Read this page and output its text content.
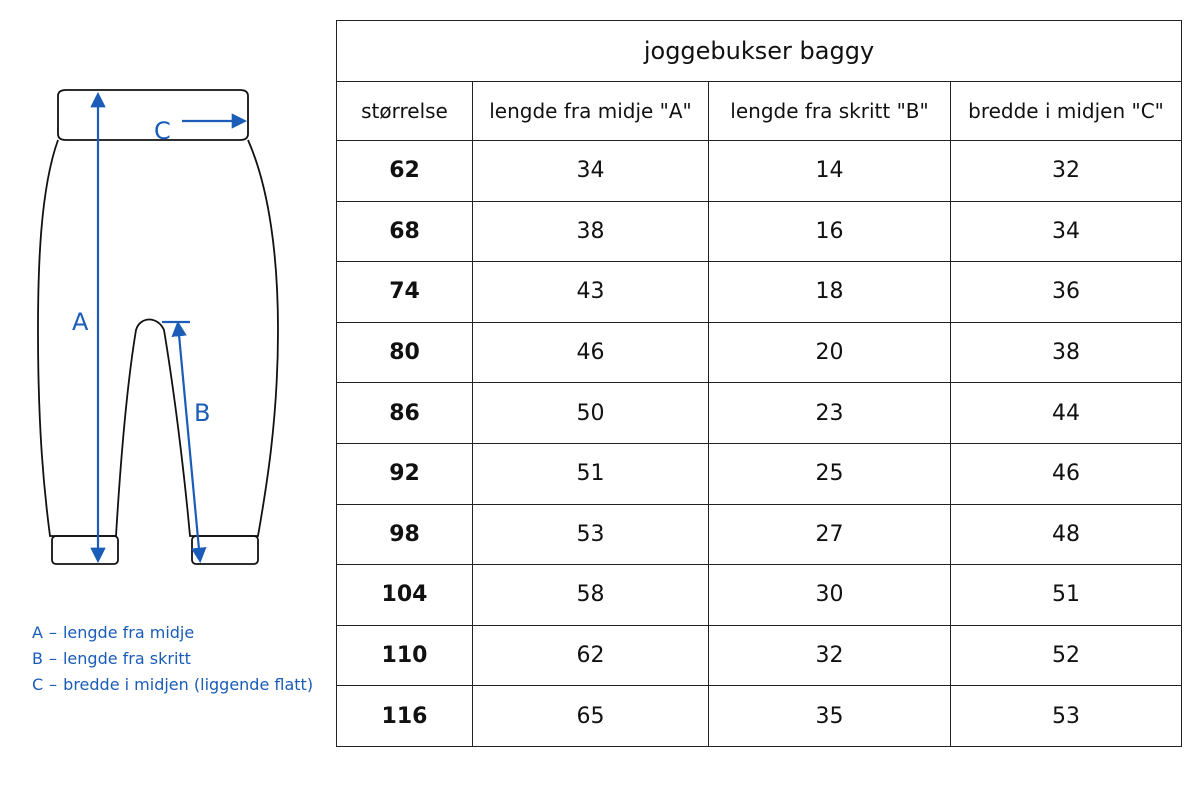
A
B
C
A – lengde fra midje
B – lengde fra skritt
C – bredde i midjen (liggende flatt)
joggebukser baggy			
størrelse	lengde fra midje "A"	lengde fra skritt "B"	bredde i midjen "C"
62	34	14	32
68	38	16	34
74	43	18	36
80	46	20	38
86	50	23	44
92	51	25	46
98	53	27	48
104	58	30	51
110	62	32	52
116	65	35	53
